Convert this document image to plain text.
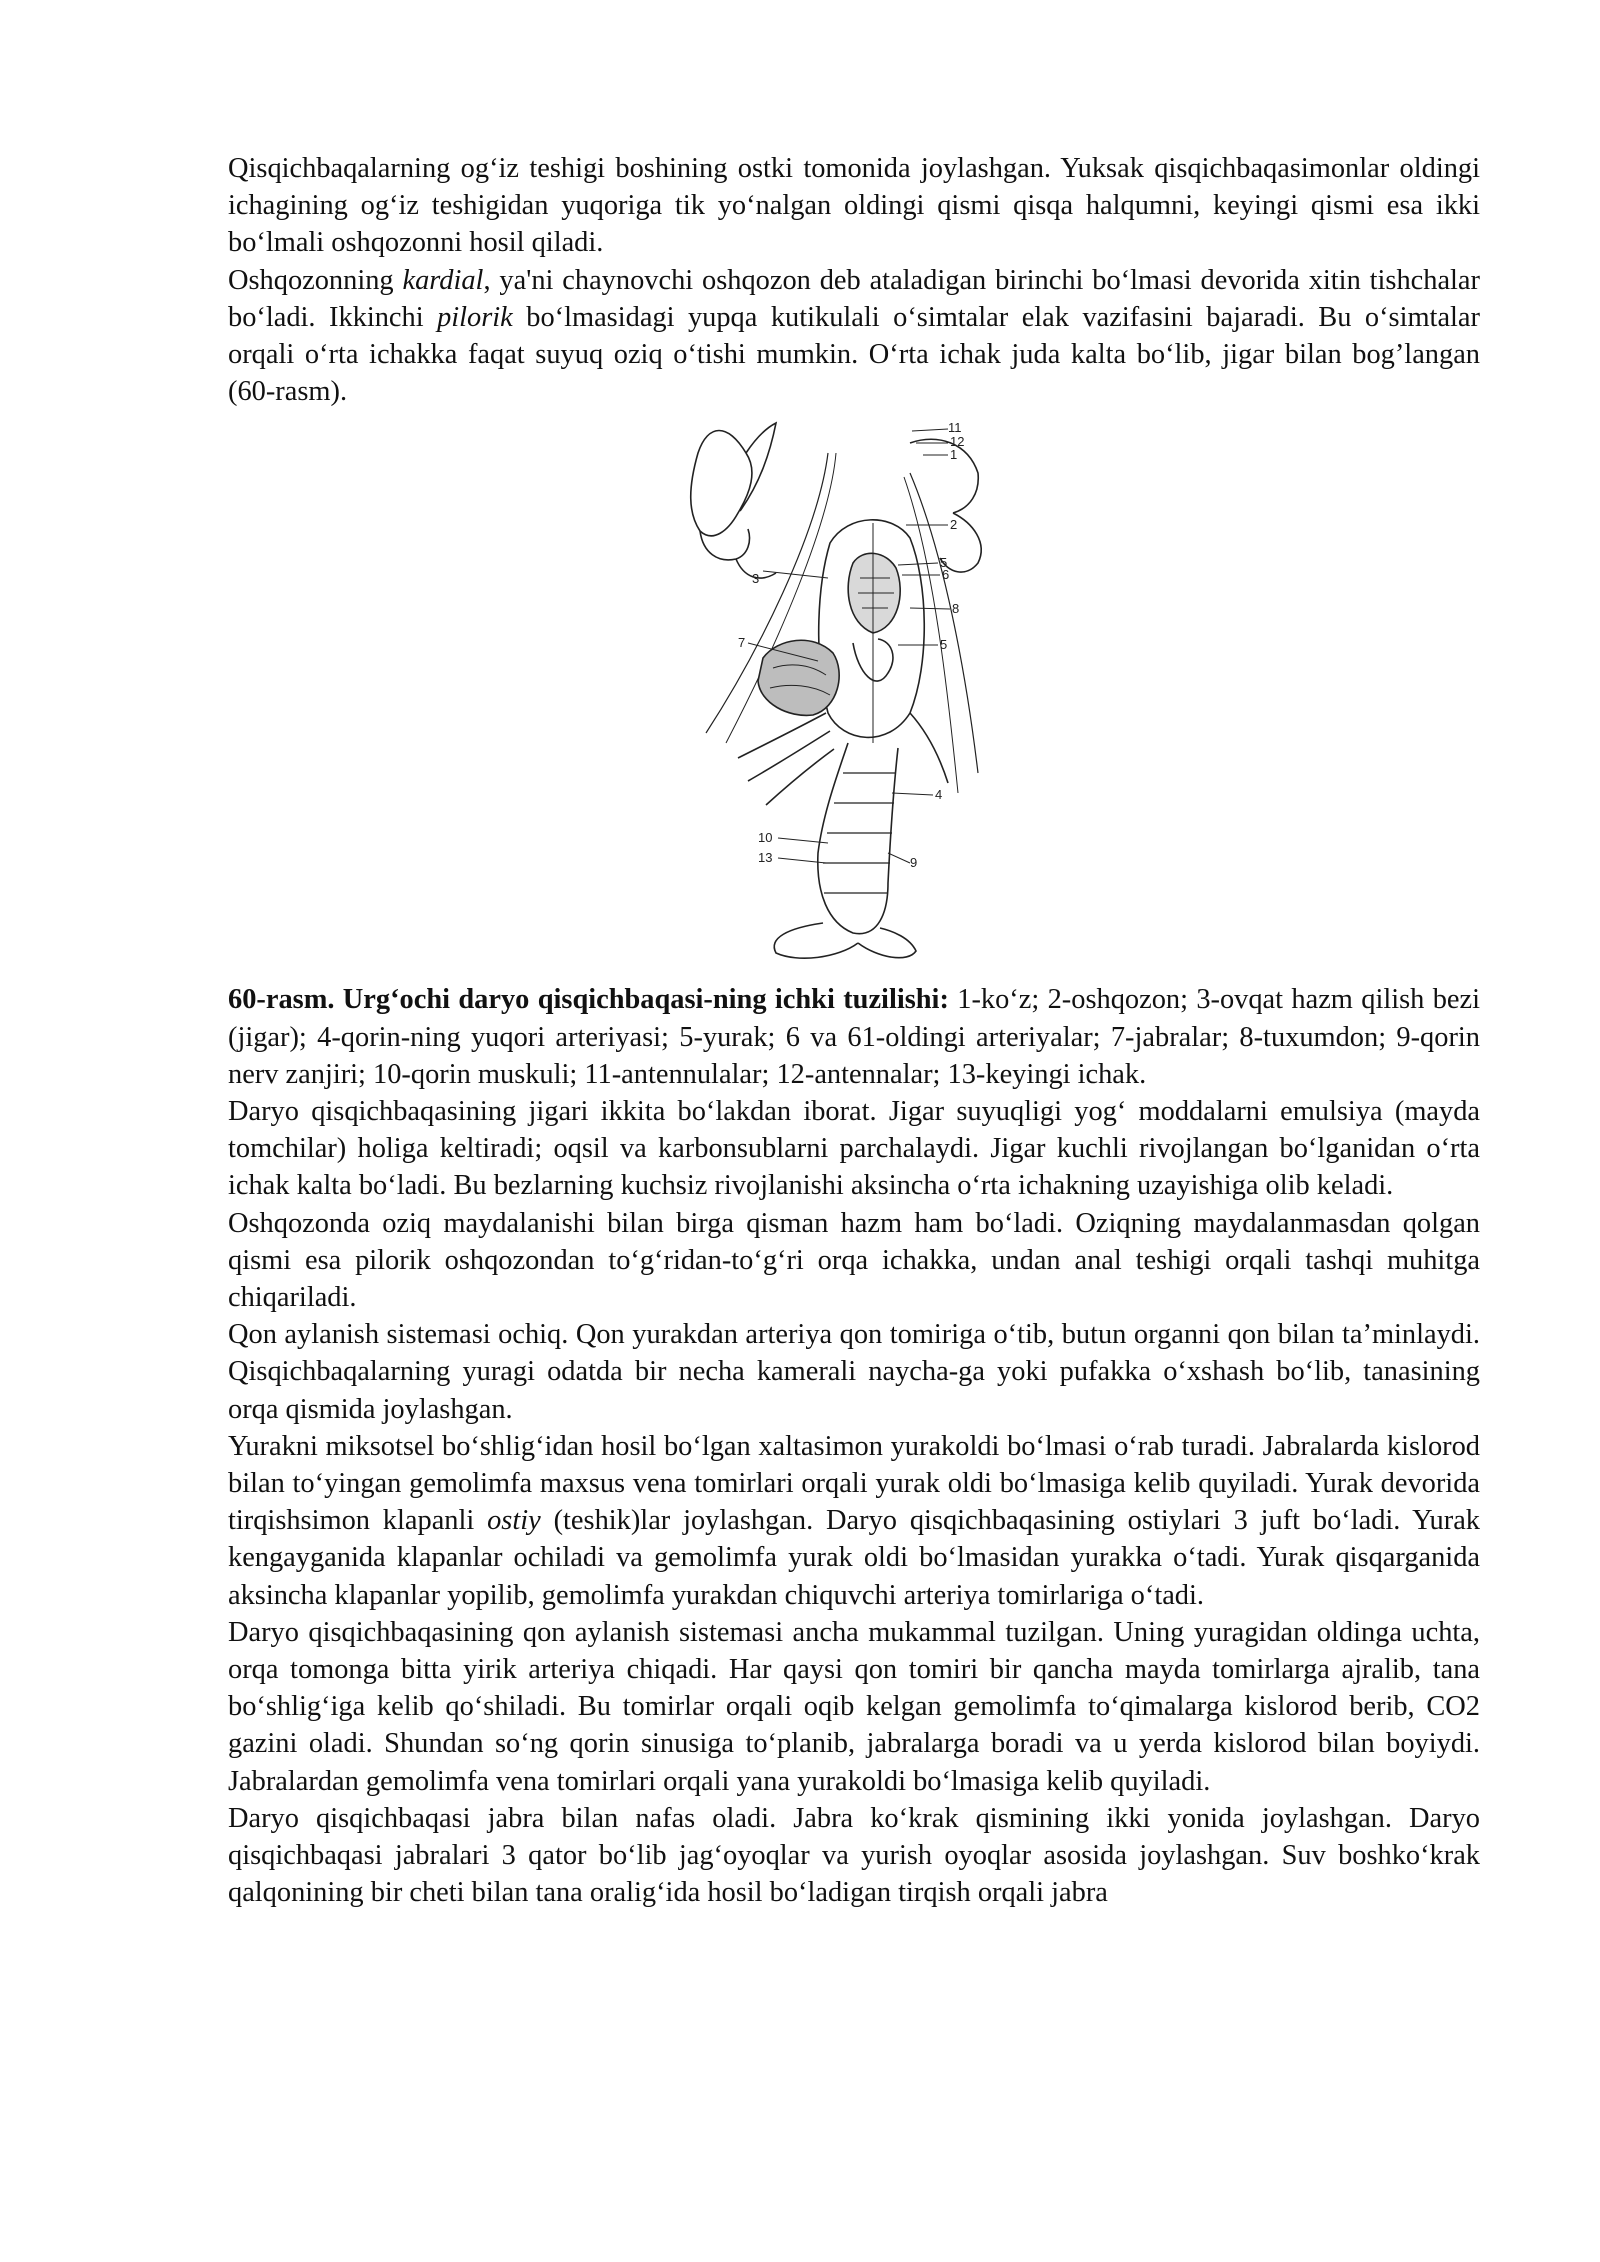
Qisqichbaqalarning og‘iz teshigi boshining ostki tomonida joylashgan. Yuksak qisqichbaqasimonlar oldingi ichagining og‘iz teshigidan yuqoriga tik yo‘nalgan oldingi qismi qisqa halqumni, keyingi qismi esa ikki bo‘lmali oshqozonni hosil qiladi.

Oshqozonning kardial, ya'ni chaynovchi oshqozon deb ataladigan birinchi bo‘lmasi devorida xitin tishchalar bo‘ladi. Ikkinchi pilorik bo‘lmasidagi yupqa kutikulali o‘simtalar elak vazifasini bajaradi. Bu o‘simtalar orqali o‘rta ichakka faqat suyuq oziq o‘tishi mumkin. O‘rta ichak juda kalta bo‘lib, jigar bilan bog’langan (60-rasm).

11
12
1
2
3
5
6
8
7	5
4
10
13	9

60-rasm. Urg‘ochi daryo qisqichbaqasi-ning ichki tuzilishi: 1-ko‘z; 2-oshqozon; 3-ovqat hazm qilish bezi (jigar); 4-qorin-ning yuqori arteriyasi; 5-yurak; 6 va 61-oldingi arteriyalar; 7-jabralar; 8-tuxumdon; 9-qorin nerv zanjiri; 10-qorin muskuli; 11-antennulalar; 12-antennalar; 13-keyingi ichak.

Daryo qisqichbaqasining jigari ikkita bo‘lakdan iborat. Jigar suyuqligi yog‘ moddalarni emulsiya (mayda tomchilar) holiga keltiradi; oqsil va karbonsublarni parchalaydi. Jigar kuchli rivojlangan bo‘lganidan o‘rta ichak kalta bo‘ladi. Bu bezlarning kuchsiz rivojlanishi aksincha o‘rta ichakning uzayishiga olib keladi.

Oshqozonda oziq maydalanishi bilan birga qisman hazm ham bo‘ladi. Oziqning maydalanmasdan qolgan qismi esa pilorik oshqozondan to‘g‘ridan-to‘g‘ri orqa ichakka, undan anal teshigi orqali tashqi muhitga chiqariladi.

Qon aylanish sistemasi ochiq. Qon yurakdan arteriya qon tomiriga o‘tib, butun organni qon bilan ta’minlaydi. Qisqichbaqalarning yuragi odatda bir necha kamerali naycha-ga yoki pufakka o‘xshash bo‘lib, tanasining orqa qismida joylashgan.

Yurakni miksotsel bo‘shlig‘idan hosil bo‘lgan xaltasimon yurakoldi bo‘lmasi o‘rab turadi. Jabralarda kislorod bilan to‘yingan gemolimfa maxsus vena tomirlari orqali yurak oldi bo‘lmasiga kelib quyiladi. Yurak devorida tirqishsimon klapanli ostiy (teshik)lar joylashgan. Daryo qisqichbaqasining ostiylari 3 juft bo‘ladi. Yurak kengayganida klapanlar ochiladi va gemolimfa yurak oldi bo‘lmasidan yurakka o‘tadi. Yurak qisqarganida aksincha klapanlar yopilib, gemolimfa yurakdan chiquvchi arteriya tomirlariga o‘tadi.

Daryo qisqichbaqasining qon aylanish sistemasi ancha mukammal tuzilgan. Uning yuragidan oldinga uchta, orqa tomonga bitta yirik arteriya chiqadi. Har qaysi qon tomiri bir qancha mayda tomirlarga ajralib, tana bo‘shlig‘iga kelib qo‘shiladi. Bu tomirlar orqali oqib kelgan gemolimfa to‘qimalarga kislorod berib, CO2 gazini oladi. Shundan so‘ng qorin sinusiga to‘planib, jabralarga boradi va u yerda kislorod bilan boyiydi. Jabralardan gemolimfa vena tomirlari orqali yana yurakoldi bo‘lmasiga kelib quyiladi.

Daryo qisqichbaqasi jabra bilan nafas oladi. Jabra ko‘krak qismining ikki yonida joylashgan. Daryo qisqichbaqasi jabralari 3 qator bo‘lib jag‘oyoqlar va yurish oyoqlar asosida joylashgan. Suv boshko‘krak qalqonining bir cheti bilan tana oralig‘ida hosil bo‘ladigan tirqish orqali jabra
